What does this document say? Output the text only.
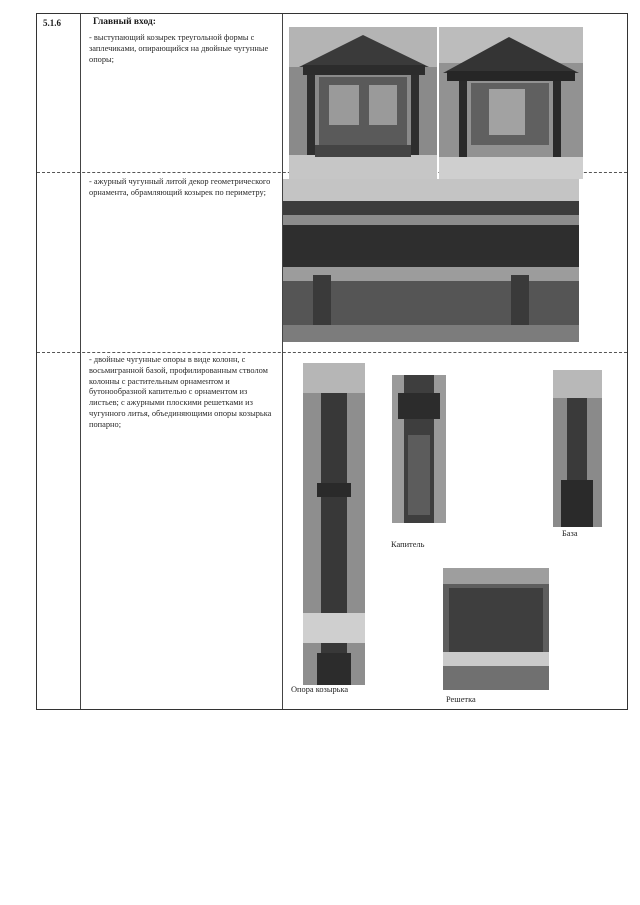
5.1.6	Главный вход:
- выступающий козырек треугольной формы с заплечиками, опирающийся на двойные чугунные опоры;
- ажурный чугунный литой декор геометрического орнамента, обрамляющий козырек по периметру;
- двойные чугунные опоры в виде колонн, с восьмигранной базой, профилированным стволом колонны с растительным орнаментом и бутонообразной капителью с орнаментом из листьев; с ажурными плоскими решетками из чугунного литья, объединяющими опоры козырька попарно;
Опора козырька
Капитель
База
Решетка
